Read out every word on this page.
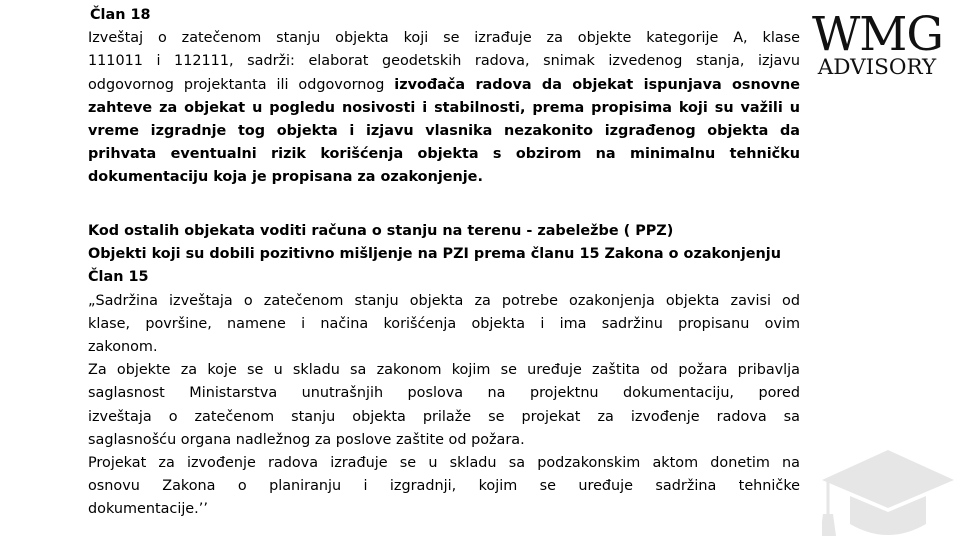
Član 18
Izveštaj o zatečenom stanju objekta koji se izrađuje za objekte kategorije A, klase
111011 i 112111, sadrži: elaborat geodetskih radova, snimak izvedenog stanja, izjavu
odgovornog projektanta ili odgovornog izvođača radova da objekat ispunjava osnovne
zahteve za objekat u pogledu nosivosti i stabilnosti, prema propisima koji su važili u
vreme izgradnje tog objekta i izjavu vlasnika nezakonito izgrađenog objekta da
prihvata eventualni rizik korišćenja objekta s obzirom na minimalnu tehničku
dokumentaciju koja je propisana za ozakonjenje.
Kod ostalih objekata voditi računa o stanju na terenu - zabeležbe ( PPZ)
Objekti koji su dobili pozitivno mišljenje na PZI prema članu 15 Zakona o ozakonjenju
Član 15
„Sadržina izveštaja o zatečenom stanju objekta za potrebe ozakonjenja objekta zavisi od
klase, površine, namene i načina korišćenja objekta i ima sadržinu propisanu ovim
zakonom.
Za objekte za koje se u skladu sa zakonom kojim se uređuje zaštita od požara pribavlja
saglasnost Ministarstva unutrašnjih poslova na projektnu dokumentaciju, pored
izveštaja o zatečenom stanju objekta prilaže se projekat za izvođenje radova sa
saglasnošću organa nadležnog za poslove zaštite od požara.
Projekat za izvođenje radova izrađuje se u skladu sa podzakonskim aktom donetim na
osnovu Zakona o planiranju i izgradnji, kojim se uređuje sadržina tehničke
dokumentacije.’’
WMG
ADVISORY
